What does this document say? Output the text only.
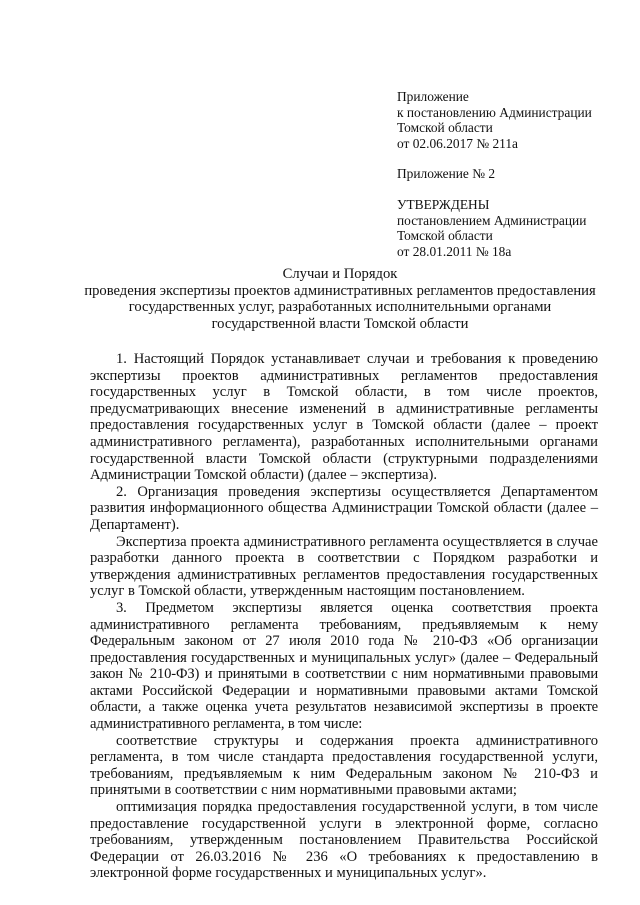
Приложение
к постановлению Администрации
Томской области
от 02.06.2017 № 211а
Приложение № 2
УТВЕРЖДЕНЫ
постановлением Администрации
Томской области
от 28.01.2011 № 18а
Случаи и Порядок
проведения экспертизы проектов административных регламентов предоставления государственных услуг, разработанных исполнительными органами государственной власти Томской области

1. Настоящий Порядок устанавливает случаи и требования к проведению экспертизы проектов административных регламентов предоставления государственных услуг в Томской области, в том числе проектов, предусматривающих внесение изменений в административные регламенты предоставления государственных услуг в Томской области (далее – проект административного регламента), разработанных исполнительными органами государственной власти Томской области (структурными подразделениями Администрации Томской области) (далее – экспертиза).

2. Организация проведения экспертизы осуществляется Департаментом развития информационного общества Администрации Томской области (далее – Департамент).

Экспертиза проекта административного регламента осуществляется в случае разработки данного проекта в соответствии с Порядком разработки и утверждения административных регламентов предоставления государственных услуг в Томской области, утвержденным настоящим постановлением.

3. Предметом экспертизы является оценка соответствия проекта административного регламента требованиям, предъявляемым к нему Федеральным законом от 27 июля 2010 года № 210-ФЗ «Об организации предоставления государственных и муниципальных услуг» (далее – Федеральный закон № 210-ФЗ) и принятыми в соответствии с ним нормативными правовыми актами Российской Федерации и нормативными правовыми актами Томской области, а также оценка учета результатов независимой экспертизы в проекте административного регламента, в том числе:

соответствие структуры и содержания проекта административного регламента, в том числе стандарта предоставления государственной услуги, требованиям, предъявляемым к ним Федеральным законом № 210-ФЗ и принятыми в соответствии с ним нормативными правовыми актами;

оптимизация порядка предоставления государственной услуги, в том числе предоставление государственной услуги в электронной форме, согласно требованиям, утвержденным постановлением Правительства Российской Федерации от 26.03.2016 № 236 «О требованиях к предоставлению в электронной форме государственных и муниципальных услуг».
